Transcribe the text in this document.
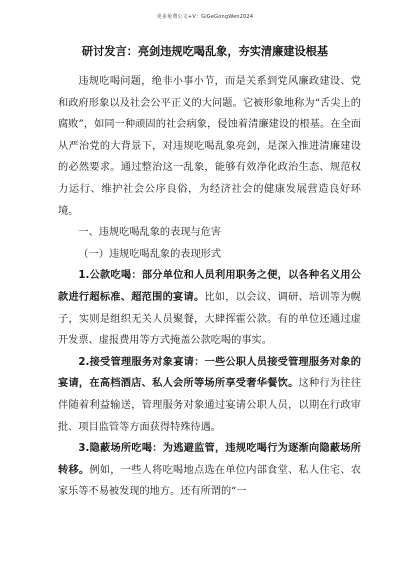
更多免费公文+V：GiGeGongWen2024
研讨发言：亮剑违规吃喝乱象，夯实清廉建设根基

违规吃喝问题，绝非小事小节，而是关系到党风廉政建设、党和政府形象以及社会公平正义的大问题。它被形象地称为“舌尖上的腐败”，如同一种顽固的社会病象，侵蚀着清廉建设的根基。在全面从严治党的大背景下，对违规吃喝乱象亮剑，是深入推进清廉建设的必然要求。通过整治这一乱象，能够有效净化政治生态、规范权力运行、维护社会公序良俗，为经济社会的健康发展营造良好环境。

一、违规吃喝乱象的表现与危害

（一）违规吃喝乱象的表现形式

1.公款吃喝：部分单位和人员利用职务之便，以各种名义用公款进行超标准、超范围的宴请。比如，以会议、调研、培训等为幌子，实则是组织无关人员聚餐，大肆挥霍公款。有的单位还通过虚开发票、虚报费用等方式掩盖公款吃喝的事实。

2.接受管理服务对象宴请：一些公职人员接受管理服务对象的宴请，在高档酒店、私人会所等场所享受奢华餐饮。这种行为往往伴随着利益输送，管理服务对象通过宴请公职人员，以期在行政审批、项目监管等方面获得特殊待遇。

3.隐蔽场所吃喝：为逃避监管，违规吃喝行为逐渐向隐蔽场所转移。例如，一些人将吃喝地点选在单位内部食堂、私人住宅、农家乐等不易被发现的地方。还有所谓的“一
